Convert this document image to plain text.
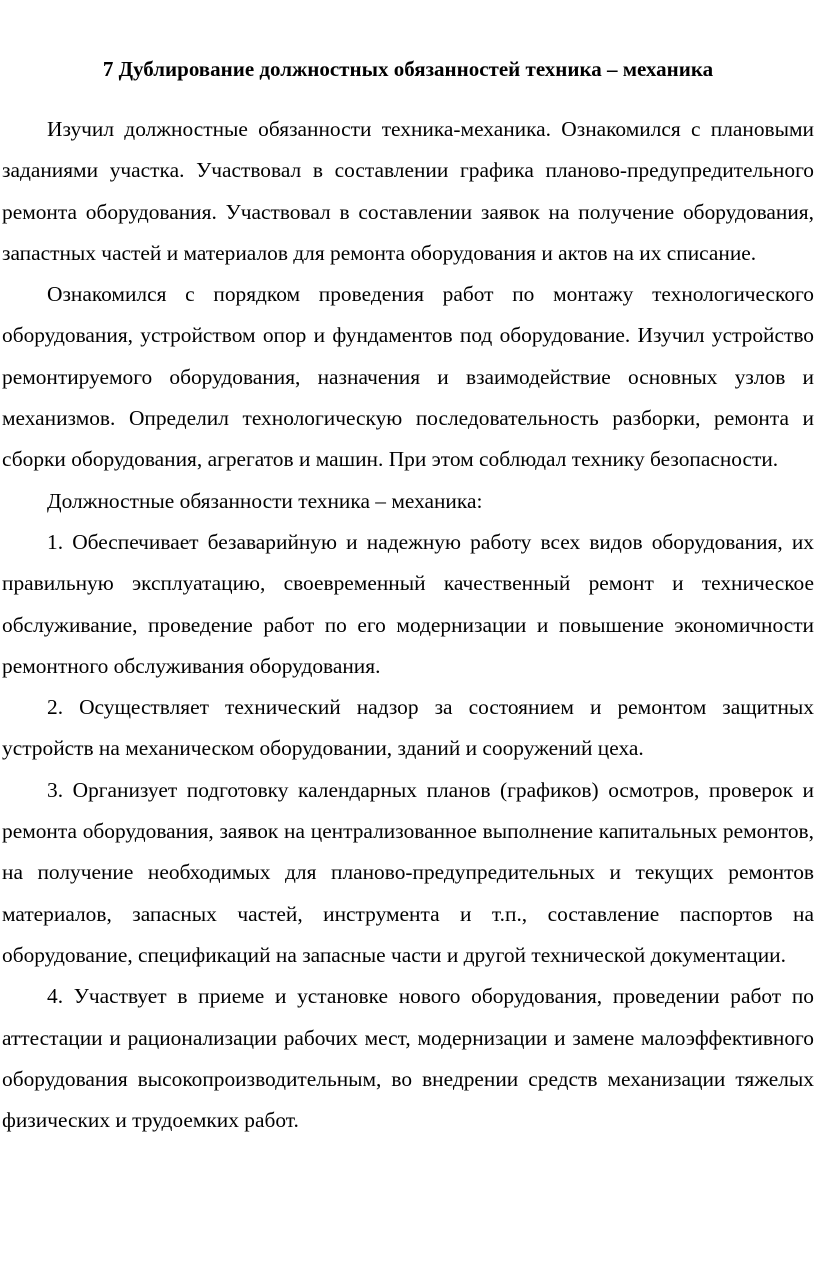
7 Дублирование должностных обязанностей техника – механика

Изучил должностные обязанности техника-механика. Ознакомился с плановыми заданиями участка. Участвовал в составлении графика планово-предупредительного ремонта оборудования. Участвовал в составлении заявок на получение оборудования, запастных частей и материалов для ремонта оборудования и актов на их списание.

Ознакомился с порядком проведения работ по монтажу технологического оборудования, устройством опор и фундаментов под оборудование. Изучил устройство ремонтируемого оборудования, назначения и взаимодействие основных узлов и механизмов. Определил технологическую последовательность разборки, ремонта и сборки оборудования, агрегатов и машин. При этом соблюдал технику безопасности.

Должностные обязанности техника – механика:

1. Обеспечивает безаварийную и надежную работу всех видов оборудования, их правильную эксплуатацию, своевременный качественный ремонт и техническое обслуживание, проведение работ по его модернизации и повышение экономичности ремонтного обслуживания оборудования.

2. Осуществляет технический надзор за состоянием и ремонтом защитных устройств на механическом оборудовании, зданий и сооружений цеха.

3. Организует подготовку календарных планов (графиков) осмотров, проверок и ремонта оборудования, заявок на централизованное выполнение капитальных ремонтов, на получение необходимых для планово-предупредительных и текущих ремонтов материалов, запасных частей, инструмента и т.п., составление паспортов на оборудование, спецификаций на запасные части и другой технической документации.

4. Участвует в приеме и установке нового оборудования, проведении работ по аттестации и рационализации рабочих мест, модернизации и замене малоэффективного оборудования высокопроизводительным, во внедрении средств механизации тяжелых физических и трудоемких работ.
